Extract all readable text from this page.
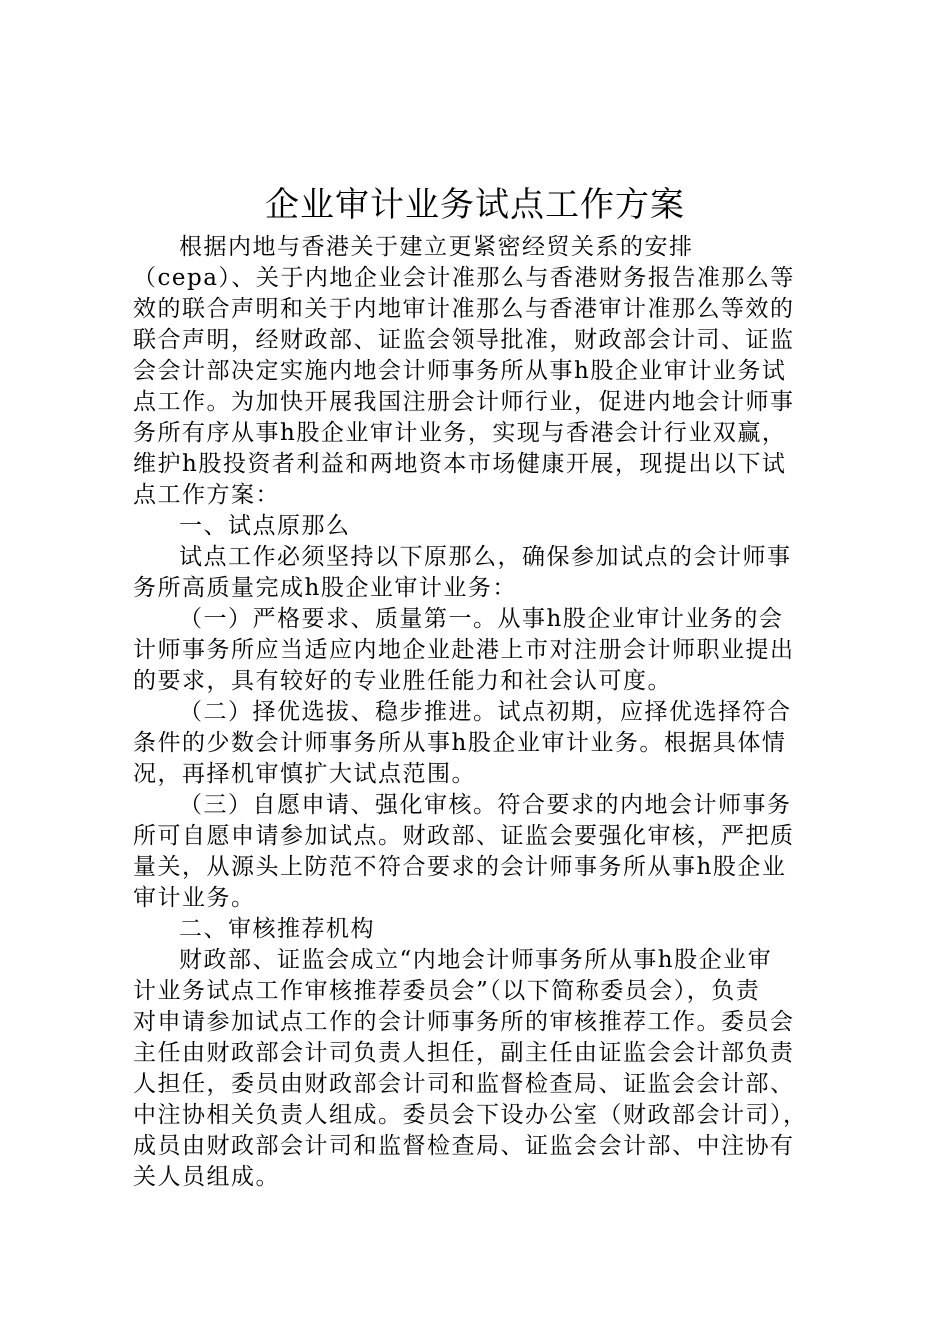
企业审计业务试点工作方案
根据内地与香港关于建立更紧密经贸关系的安排
（cepa）、关于内地企业会计准那么与香港财务报告准那么等
效的联合声明和关于内地审计准那么与香港审计准那么等效的
联合声明，经财政部、证监会领导批准，财政部会计司、证监
会会计部决定实施内地会计师事务所从事h股企业审计业务试
点工作。为加快开展我国注册会计师行业，促进内地会计师事
务所有序从事h股企业审计业务，实现与香港会计行业双赢，
维护h股投资者利益和两地资本市场健康开展，现提出以下试
点工作方案：
一、试点原那么
试点工作必须坚持以下原那么，确保参加试点的会计师事
务所高质量完成h股企业审计业务：
（一）严格要求、质量第一。从事h股企业审计业务的会
计师事务所应当适应内地企业赴港上市对注册会计师职业提出
的要求，具有较好的专业胜任能力和社会认可度。
（二）择优选拔、稳步推进。试点初期，应择优选择符合
条件的少数会计师事务所从事h股企业审计业务。根据具体情
况，再择机审慎扩大试点范围。
（三）自愿申请、强化审核。符合要求的内地会计师事务
所可自愿申请参加试点。财政部、证监会要强化审核，严把质
量关，从源头上防范不符合要求的会计师事务所从事h股企业
审计业务。
二、审核推荐机构
财政部、证监会成立“内地会计师事务所从事h股企业审
计业务试点工作审核推荐委员会”（以下简称委员会），负责
对申请参加试点工作的会计师事务所的审核推荐工作。委员会
主任由财政部会计司负责人担任，副主任由证监会会计部负责
人担任，委员由财政部会计司和监督检查局、证监会会计部、
中注协相关负责人组成。委员会下设办公室（财政部会计司），
成员由财政部会计司和监督检查局、证监会会计部、中注协有
关人员组成。
